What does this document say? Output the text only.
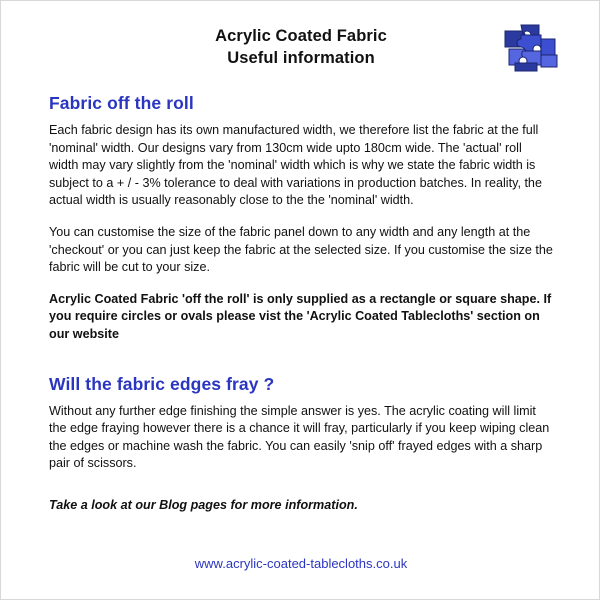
Acrylic Coated Fabric
Useful information
Fabric off the roll

Each fabric design has its own manufactured width, we therefore list the fabric at the full 'nominal' width. Our designs vary from 130cm wide upto 180cm wide. The 'actual' roll width may vary slightly from the 'nominal' width which is why we state the fabric width is subject to a + / - 3% tolerance to deal with variations in production batches. In reality, the actual width is usually reasonably close to the the 'nominal' width.

You can customise the size of the fabric panel down to any width and any length at the 'checkout' or you can just keep the fabric at the selected size. If you customise the size the fabric will be cut to your size.

Acrylic Coated Fabric 'off the roll' is only supplied as a rectangle or square shape. If you require circles or ovals please vist the 'Acrylic Coated Tablecloths' section on our website

Will the fabric edges fray ?

Without any further edge finishing the simple answer is yes. The acrylic coating will limit the edge fraying however there is a chance it will fray, particularly if you keep wiping clean the edges or machine wash the fabric. You can easily 'snip off' frayed edges with a sharp pair of scissors.

Take a look at our Blog pages for more information.

www.acrylic-coated-tablecloths.co.uk
